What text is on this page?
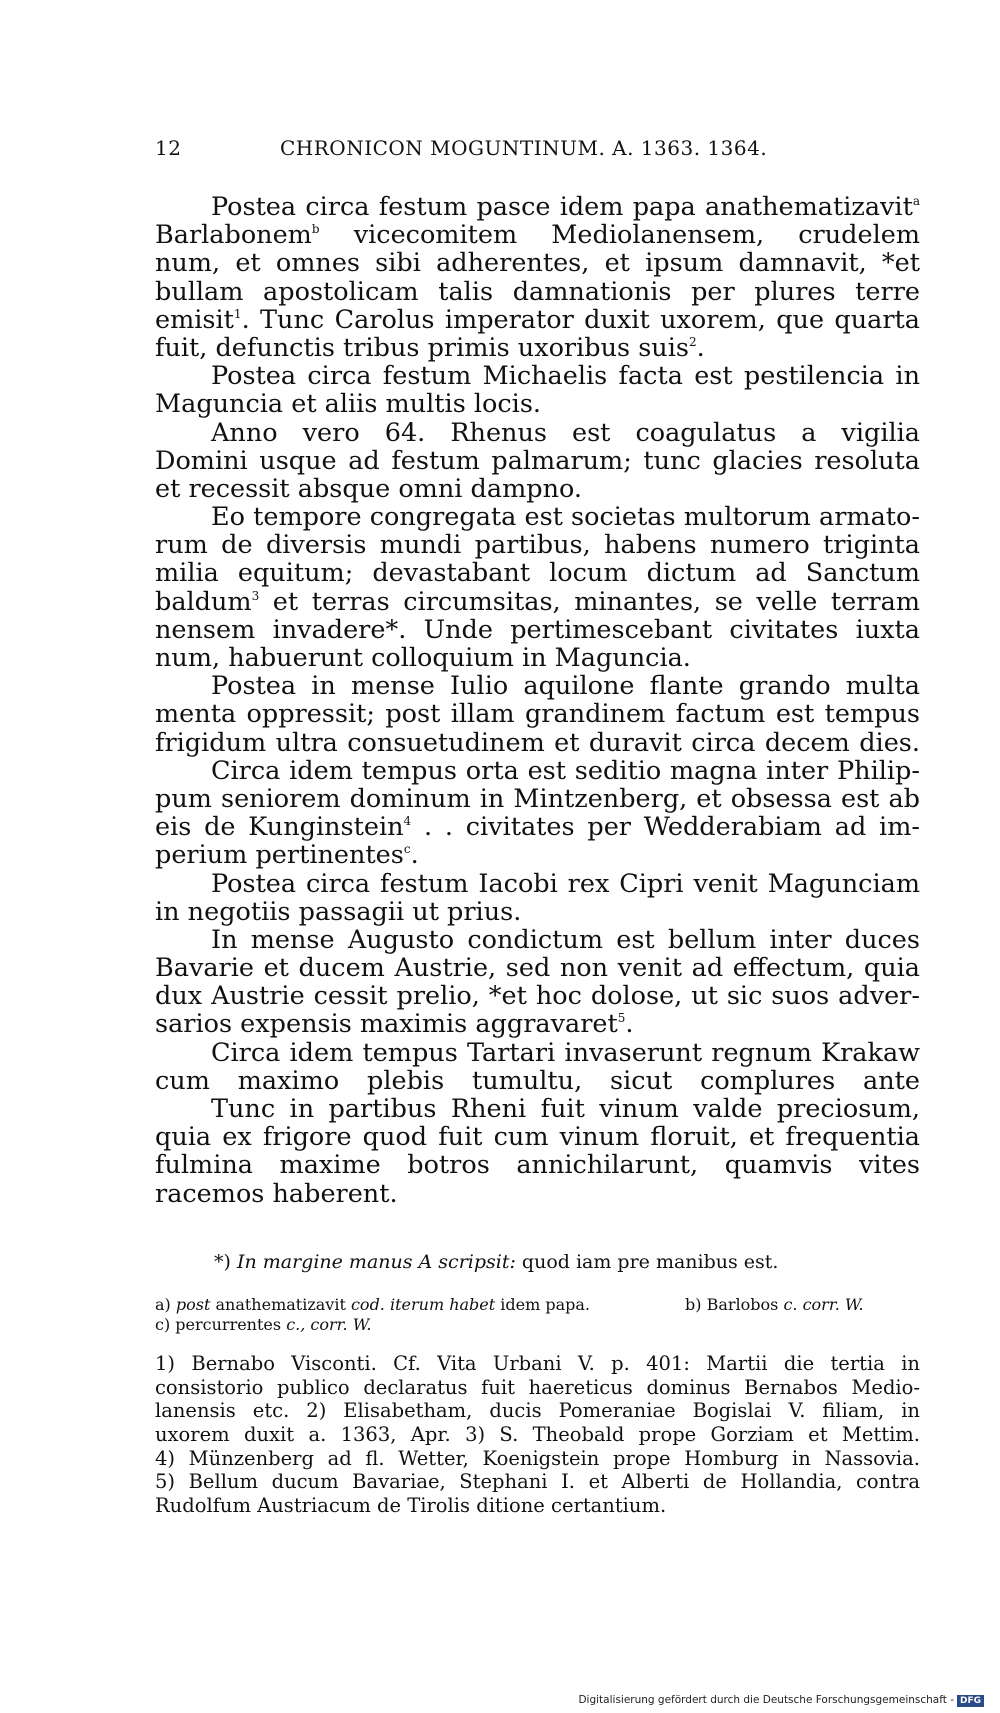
12	CHRONICON MOGUNTINUM. A. 1363. 1364.
Postea circa festum pasce idem papa anathematizavit$^a$
Barlabonem$^b$ vicecomitem Mediolanensem, crudelem
num, et omnes sibi adherentes, et ipsum damnavit, *et
bullam apostolicam talis damnationis per plures terre
emisit$^1$. Tunc Carolus imperator duxit uxorem, que quarta
fuit, defunctis tribus primis uxoribus suis$^2$.
Postea circa festum Michaelis facta est pestilencia in
Maguncia et aliis multis locis.
Anno vero 64. Rhenus est coagulatus a vigilia
Domini usque ad festum palmarum; tunc glacies resoluta
et recessit absque omni dampno.
Eo tempore congregata est societas multorum armato-
rum de diversis mundi partibus, habens numero triginta
milia equitum; devastabant locum dictum ad Sanctum
baldum$^3$ et terras circumsitas, minantes, se velle terram
nensem invadere*. Unde pertimescebant civitates iuxta
num, habuerunt colloquium in Maguncia.
Postea in mense Iulio aquilone flante grando multa
menta oppressit; post illam grandinem factum est tempus
frigidum ultra consuetudinem et duravit circa decem dies.
Circa idem tempus orta est seditio magna inter Philip-
pum seniorem dominum in Mintzenberg, et obsessa est ab
eis de Kunginstein$^4$ . . civitates per Wedderabiam ad im-
perium pertinentes$^c$.
Postea circa festum Iacobi rex Cipri venit Magunciam
in negotiis passagii ut prius.
In mense Augusto condictum est bellum inter duces
Bavarie et ducem Austrie, sed non venit ad effectum, quia
dux Austrie cessit prelio, *et hoc dolose, ut sic suos adver-
sarios expensis maximis aggravaret$^5$.
Circa idem tempus Tartari invaserunt regnum Krakaw
cum maximo plebis tumultu, sicut complures ante
Tunc in partibus Rheni fuit vinum valde preciosum,
quia ex frigore quod fuit cum vinum floruit, et frequentia
fulmina maxime botros annichilarunt, quamvis vites
racemos haberent.
*) In margine manus A scripsit: quod iam pre manibus est.
a) post anathematizavit cod. iterum habet idem papa.	b) Barlobos c. corr. W.
c) percurrentes c., corr. W.
1) Bernabo Visconti. Cf. Vita Urbani V. p. 401: Martii die tertia in
consistorio publico declaratus fuit haereticus dominus Bernabos Medio-
lanensis etc. 2) Elisabetham, ducis Pomeraniae Bogislai V. filiam, in
uxorem duxit a. 1363, Apr. 3) S. Theobald prope Gorziam et Mettim.
4) Münzenberg ad fl. Wetter, Koenigstein prope Homburg in Nassovia.
5) Bellum ducum Bavariae, Stephani I. et Alberti de Hollandia, contra
Rudolfum Austriacum de Tirolis ditione certantium.
Digitalisierung gefördert durch die Deutsche Forschungsgemeinschaft - DFG
